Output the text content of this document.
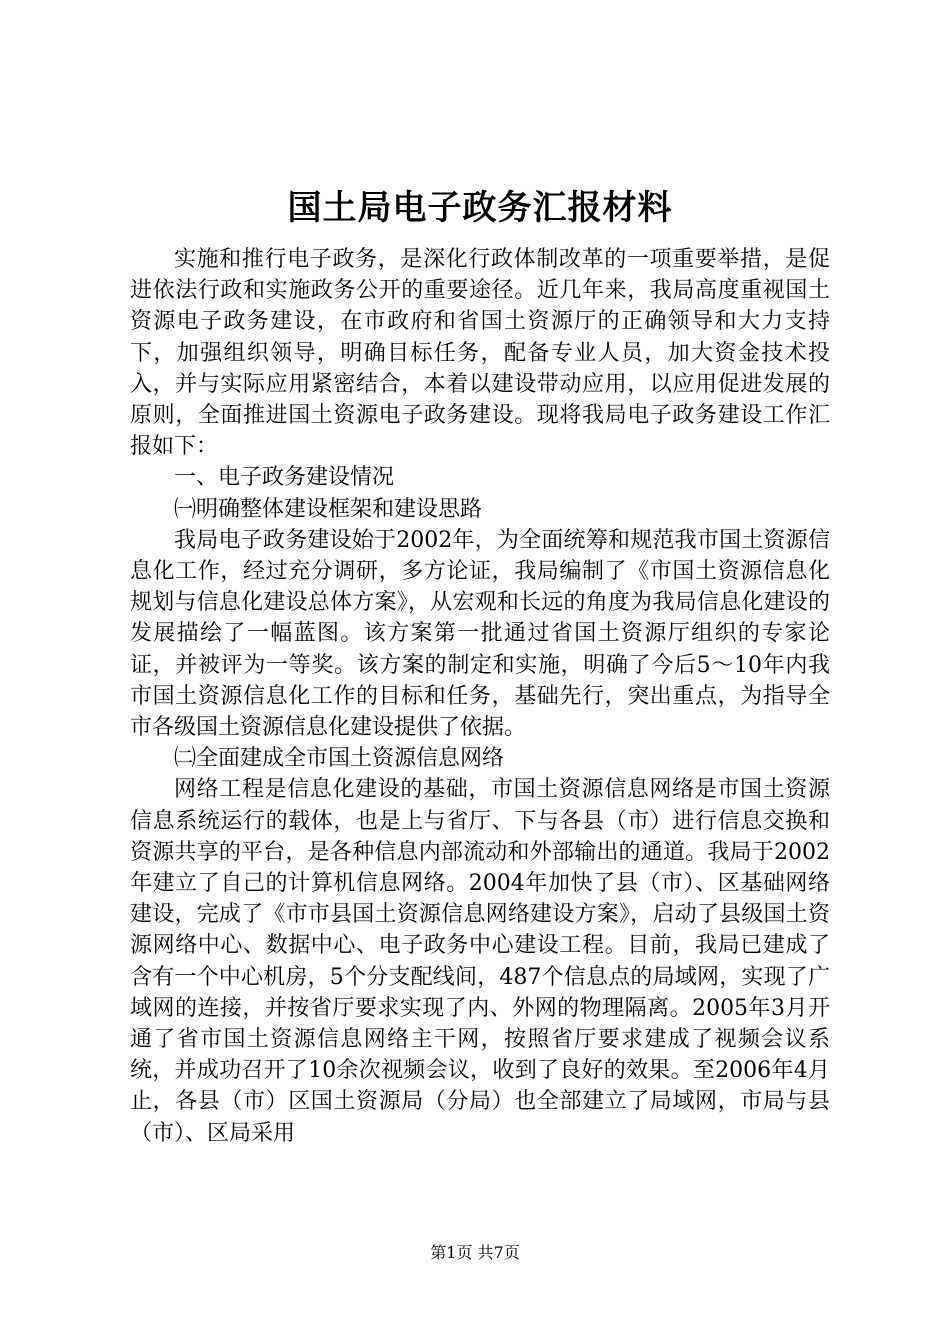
国土局电子政务汇报材料

实施和推行电子政务，是深化行政体制改革的一项重要举措，是促进依法行政和实施政务公开的重要途径。近几年来，我局高度重视国土资源电子政务建设，在市政府和省国土资源厅的正确领导和大力支持下，加强组织领导，明确目标任务，配备专业人员，加大资金技术投入，并与实际应用紧密结合，本着以建设带动应用，以应用促进发展的原则，全面推进国土资源电子政务建设。现将我局电子政务建设工作汇报如下：

一、电子政务建设情况

㈠明确整体建设框架和建设思路

我局电子政务建设始于2002年，为全面统筹和规范我市国土资源信息化工作，经过充分调研，多方论证，我局编制了《市国土资源信息化规划与信息化建设总体方案》，从宏观和长远的角度为我局信息化建设的发展描绘了一幅蓝图。该方案第一批通过省国土资源厅组织的专家论证，并被评为一等奖。该方案的制定和实施，明确了今后5～10年内我市国土资源信息化工作的目标和任务，基础先行，突出重点，为指导全市各级国土资源信息化建设提供了依据。

㈡全面建成全市国土资源信息网络

网络工程是信息化建设的基础，市国土资源信息网络是市国土资源信息系统运行的载体，也是上与省厅、下与各县（市）进行信息交换和资源共享的平台，是各种信息内部流动和外部输出的通道。我局于2002年建立了自己的计算机信息网络。2004年加快了县（市）、区基础网络建设，完成了《市市县国土资源信息网络建设方案》，启动了县级国土资源网络中心、数据中心、电子政务中心建设工程。目前，我局已建成了含有一个中心机房，5个分支配线间，487个信息点的局域网，实现了广域网的连接，并按省厅要求实现了内、外网的物理隔离。2005年3月开通了省市国土资源信息网络主干网，按照省厅要求建成了视频会议系统，并成功召开了10余次视频会议，收到了良好的效果。至2006年4月止，各县（市）区国土资源局（分局）也全部建立了局域网，市局与县（市）、区局采用

第1页 共7页
